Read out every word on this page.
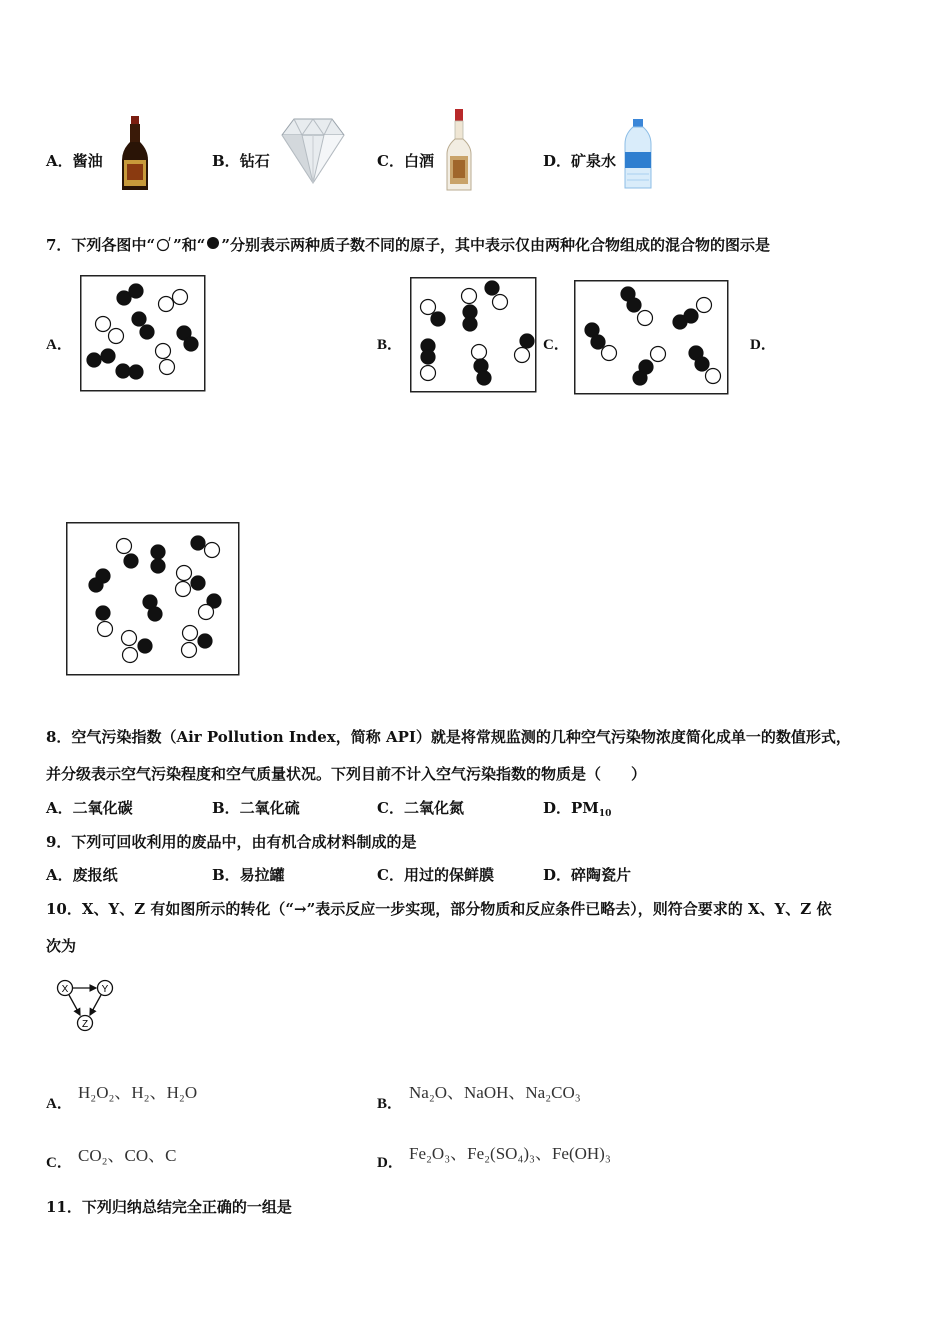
A．酱油	B．钻石	C．白酒	D．矿泉水
7．下列各图中“ ”和“ ”分别表示两种质子数不同的原子，其中表示仅由两种化合物组成的混合物的图示是
A．	B．	C．	D．
8．空气污染指数（Air Pollution Index，简称 API）就是将常规监测的几种空气污染物浓度简化成单一的数值形式，
并分级表示空气污染程度和空气质量状况。下列目前不计入空气污染指数的物质是（　　）
A．二氧化碳	B．二氧化硫	C．二氧化氮	D．$PM_{10}$
9．下列可回收利用的废品中，由有机合成材料制成的是
A．废报纸	B．易拉罐	C．用过的保鲜膜	D．碎陶瓷片
10．X、Y、Z 有如图所示的转化（“→”表示反应一步实现，部分物质和反应条件已略去），则符合要求的 X、Y、Z 依
次为
X	Y
Z
A．
H₂O₂、H₂、H₂O
B．
Na₂O、NaOH、Na₂CO₃
C． CO₂、CO、C	D． Fe₂O₃、Fe₂(SO₄)₃、Fe(OH)₃
11．下列归纳总结完全正确的一组是
